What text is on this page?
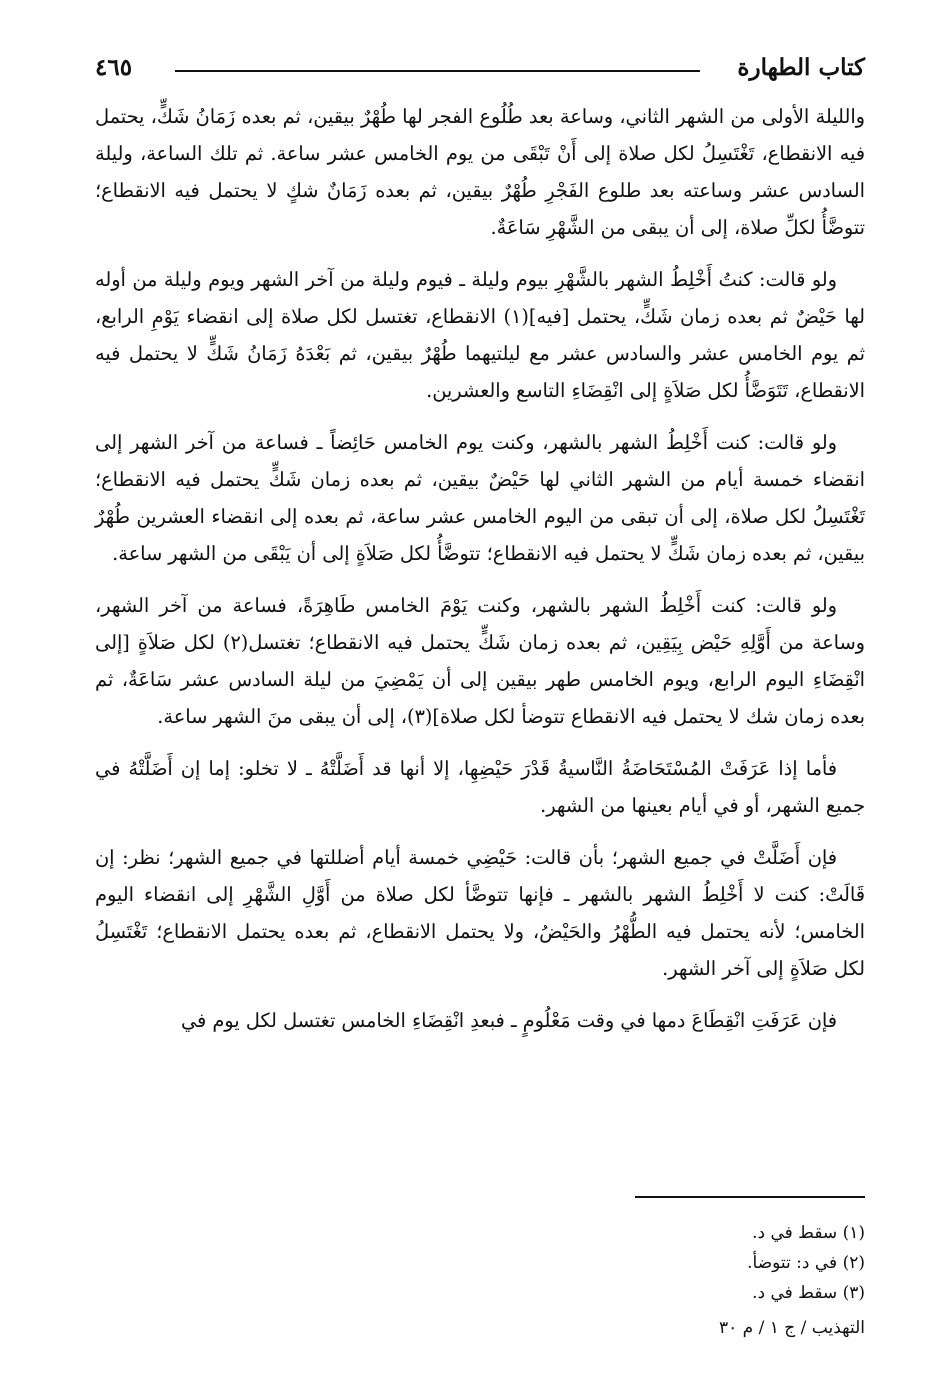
كتاب الطهارة
٤٦٥

والليلة الأولى من الشهر الثاني، وساعة بعد طُلُوع الفجر لها طُهْرٌ بيقين، ثم بعده زَمَانُ شَكٍّ، يحتمل فيه الانقطاع، تَغْتَسِلُ لكل صلاة إلى أَنْ تَبْقَى من يوم الخامس عشر ساعة. ثم تلك الساعة، وليلة السادس عشر وساعته بعد طلوع الفَجْرِ طُهْرٌ بيقين، ثم بعده زَمَانٌ شكٍ لا يحتمل فيه الانقطاع؛ تتوضَّأُ لكلِّ صلاة، إلى أن يبقى من الشَّهْرِ سَاعَةٌ.

ولو قالت: كنتُ أَخْلِطُ الشهر بالشَّهْرِ بيوم وليلة ـ فيوم وليلة من آخر الشهر ويوم وليلة من أوله لها حَيْضٌ ثم بعده زمان شَكٍّ، يحتمل [فيه](١) الانقطاع، تغتسل لكل صلاة إلى انقضاء يَوْمِ الرابع، ثم يوم الخامس عشر والسادس عشر مع ليلتيهما طُهْرٌ بيقين، ثم بَعْدَهُ زَمَانُ شَكٍّ لا يحتمل فيه الانقطاع، تَتَوَضَّأُ لكل صَلاَةٍ إلى انْقِضَاءِ التاسع والعشرين.

ولو قالت: كنت أَخْلِطُ الشهر بالشهر، وكنت يوم الخامس حَائِضاً ـ فساعة من آخر الشهر إلى انقضاء خمسة أيام من الشهر الثاني لها حَيْضٌ بيقين، ثم بعده زمان شَكٍّ يحتمل فيه الانقطاع؛ تَغْتَسِلُ لكل صلاة، إلى أن تبقى من اليوم الخامس عشر ساعة، ثم بعده إلى انقضاء العشرين طُهْرٌ بيقين، ثم بعده زمان شَكٍّ لا يحتمل فيه الانقطاع؛ تتوضَّأُ لكل صَلاَةٍ إلى أن يَبْقَى من الشهر ساعة.

ولو قالت: كنت أَخْلِطُ الشهر بالشهر، وكنت يَوْمَ الخامس طَاهِرَةً، فساعة من آخر الشهر، وساعة من أَوَّلِهِ حَيْض بِيَقِين، ثم بعده زمان شَكٍّ يحتمل فيه الانقطاع؛ تغتسل(٢) لكل صَلاَةٍ [إلى انْقِضَاءِ اليوم الرابع، ويوم الخامس طهر بيقين إلى أن يَمْضِيَ من ليلة السادس عشر سَاعَةٌ، ثم بعده زمان شك لا يحتمل فيه الانقطاع تتوضأ لكل صلاة](٣)، إلى أن يبقى منَ الشهر ساعة.

فأما إذا عَرَفَتْ المُسْتَحَاضَةُ النَّاسيةُ قَدْرَ حَيْضِهِا، إلا أنها قد أَضَلَّتْهُ ـ لا تخلو: إما إن أَضَلَّتْهُ في جميع الشهر، أو في أيام بعينها من الشهر.

فإن أَضَلَّتْ في جميع الشهر؛ بأن قالت: حَيْضِي خمسة أيام أضللتها في جميع الشهر؛ نظر: إن قَالَتْ: كنت لا أَخْلِطُ الشهر بالشهر ـ فإنها تتوضَّأ لكل صلاة من أَوَّلِ الشَّهْرِ إلى انقضاء اليوم الخامس؛ لأنه يحتمل فيه الطُّهْرُ والحَيْضُ، ولا يحتمل الانقطاع، ثم بعده يحتمل الانقطاع؛ تَغْتَسِلُ لكل صَلاَةٍ إلى آخر الشهر.

فإن عَرَفَتِ انْقِطَاعَ دمها في وقت مَعْلُومٍ ـ فبعدِ انْقِضَاءِ الخامس تغتسل لكل يوم في

(١) سقط في د.

(٢) في د: تتوضأ.

(٣) سقط في د.

التهذيب / ج ١ / م ٣٠
